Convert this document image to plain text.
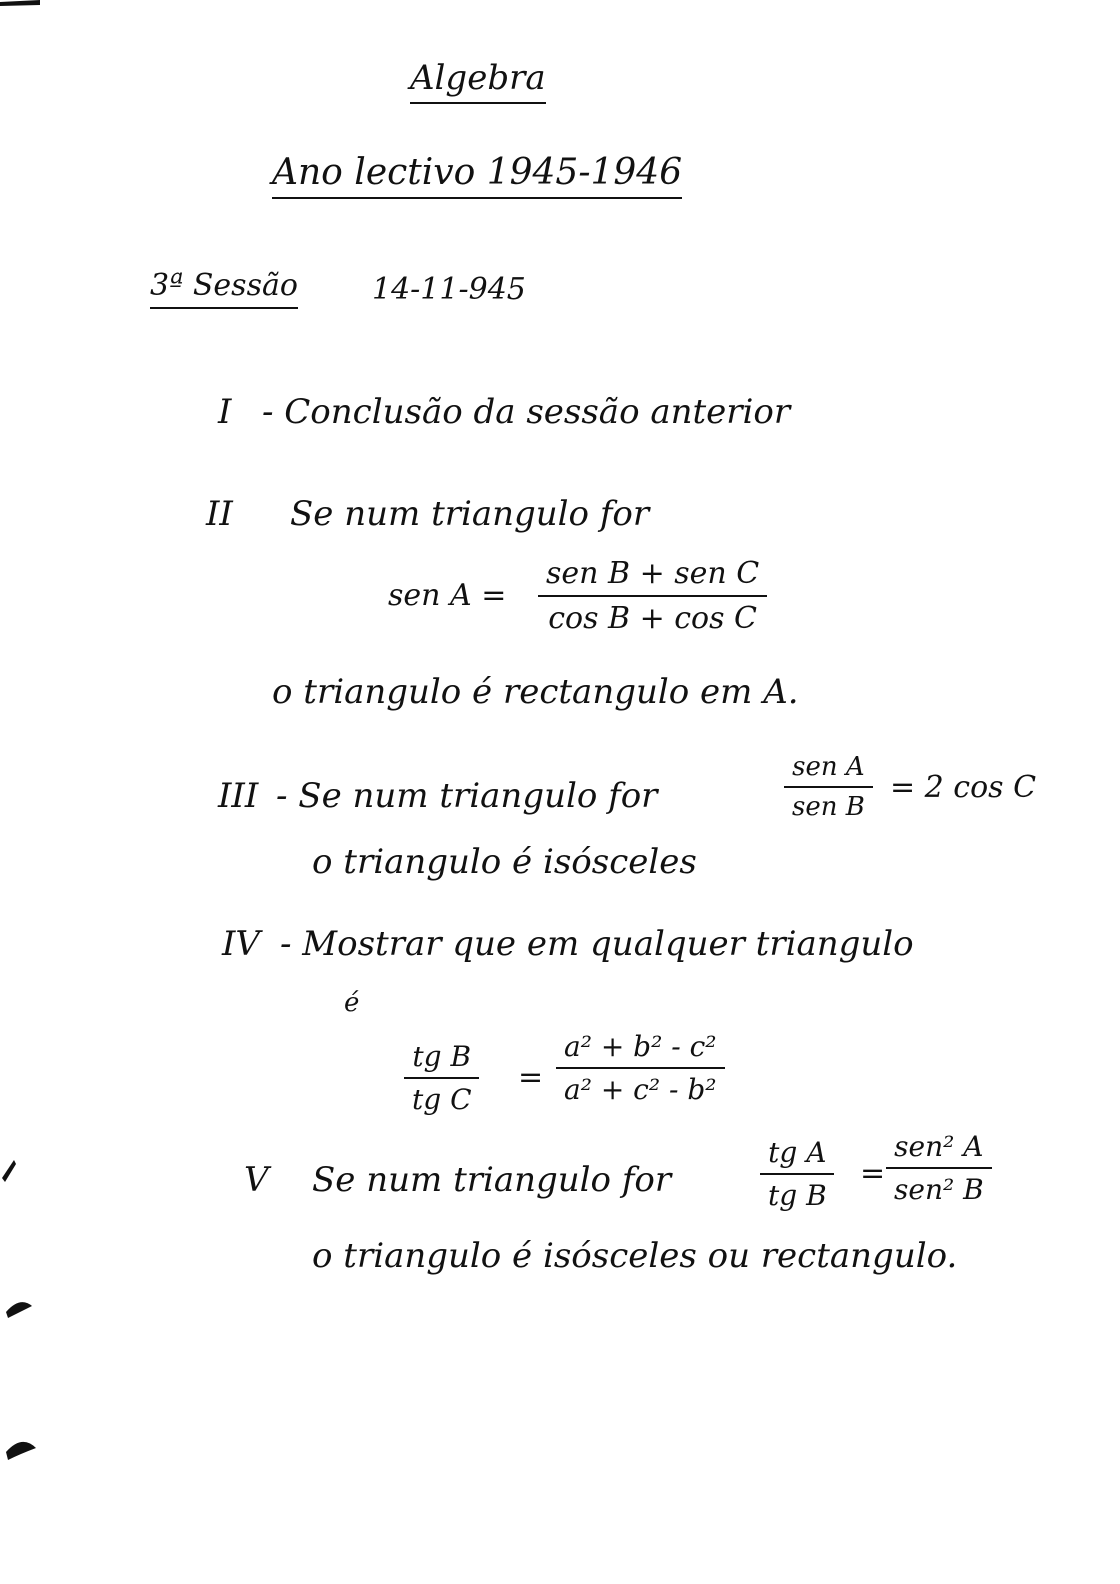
Algebra
Ano lectivo 1945-1946
3ª Sessão 14-11-945
I - Conclusão da sessão anterior
II Se num triangulo for
sen A =
sen B + sen C
cos B + cos C
o triangulo é rectangulo em A.
III - Se num triangulo for
sen A
sen B
= 2 cos C
o triangulo é isósceles
IV - Mostrar que em qualquer triangulo
é
$\frac{\text{tg B}}{\text{tg C}} = \frac{\text{a² + b² - c²}}{\text{a² + c² - b²}}$
V Se num triangulo for	$\frac{\text{tg A}}{\text{tg B}}$ =
sen² A
sen² B
o triangulo é isósceles ou rectangulo.
